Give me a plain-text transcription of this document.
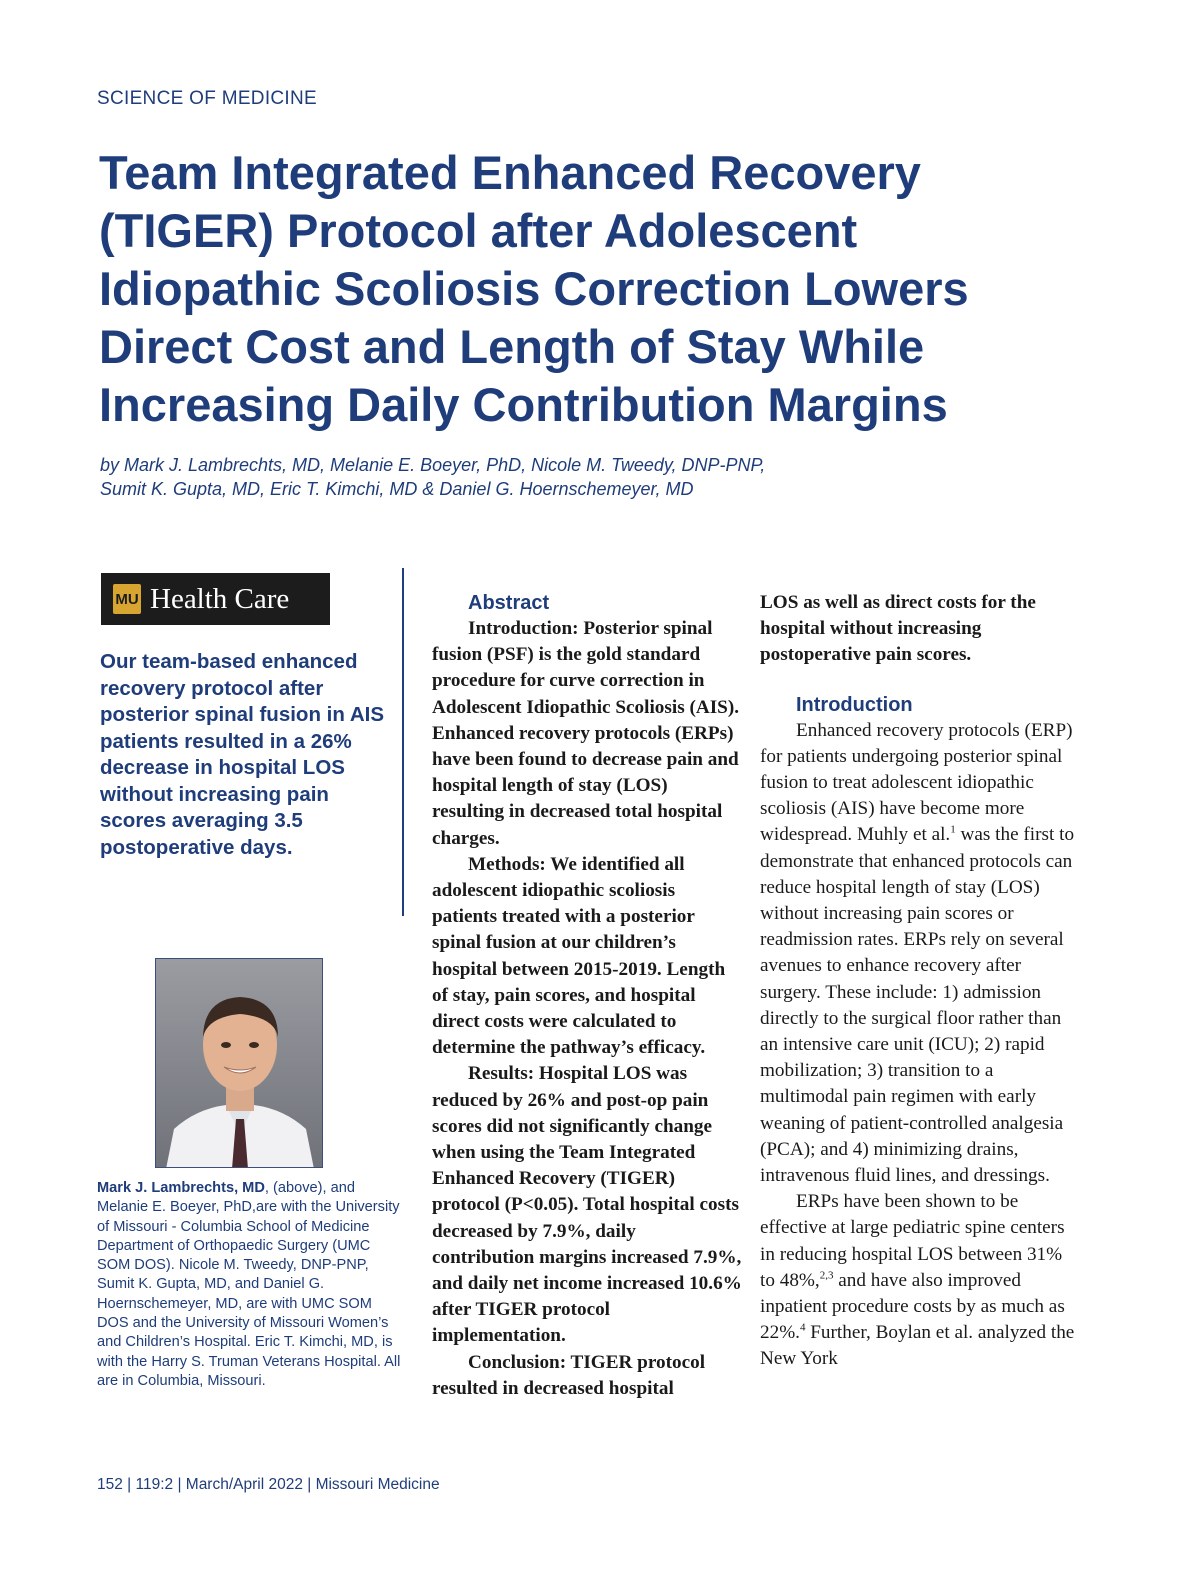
SCIENCE OF MEDICINE

Team Integrated Enhanced Recovery
(TIGER) Protocol after Adolescent
Idiopathic Scoliosis Correction Lowers
Direct Cost and Length of Stay While
Increasing Daily Contribution Margins

by Mark J. Lambrechts, MD, Melanie E. Boeyer, PhD, Nicole M. Tweedy, DNP-PNP,
Sumit K. Gupta, MD, Eric T. Kimchi, MD & Daniel G. Hoernschemeyer, MD

MU Health Care

Our team-based enhanced recovery protocol after posterior spinal fusion in AIS patients resulted in a 26% decrease in hospital LOS without increasing pain scores averaging 3.5 postoperative days.

Mark J. Lambrechts, MD, (above), and Melanie E. Boeyer, PhD,are with the University of Missouri - Columbia School of Medicine Department of Orthopaedic Surgery (UMC SOM DOS). Nicole M. Tweedy, DNP-PNP, Sumit K. Gupta, MD, and Daniel G. Hoernschemeyer, MD, are with UMC SOM DOS and the University of Missouri Women’s and Children’s Hospital. Eric T. Kimchi, MD, is with the Harry S. Truman Veterans Hospital. All are in Columbia, Missouri.

Abstract

Introduction: Posterior spinal fusion (PSF) is the gold standard procedure for curve correction in Adolescent Idiopathic Scoliosis (AIS). Enhanced recovery protocols (ERPs) have been found to decrease pain and hospital length of stay (LOS) resulting in decreased total hospital charges.

Methods: We identified all adolescent idiopathic scoliosis patients treated with a posterior spinal fusion at our children’s hospital between 2015-2019. Length of stay, pain scores, and hospital direct costs were calculated to determine the pathway’s efficacy.

Results: Hospital LOS was reduced by 26% and post-op pain scores did not significantly change when using the Team Integrated Enhanced Recovery (TIGER) protocol (P<0.05). Total hospital costs decreased by 7.9%, daily contribution margins increased 7.9%, and daily net income increased 10.6% after TIGER protocol implementation.

Conclusion: TIGER protocol resulted in decreased hospital

LOS as well as direct costs for the hospital without increasing postoperative pain scores.

Introduction

Enhanced recovery protocols (ERP) for patients undergoing posterior spinal fusion to treat adolescent idiopathic scoliosis (AIS) have become more widespread. Muhly et al.$^1$ was the first to demonstrate that enhanced protocols can reduce hospital length of stay (LOS) without increasing pain scores or readmission rates. ERPs rely on several avenues to enhance recovery after surgery. These include: 1) admission directly to the surgical floor rather than an intensive care unit (ICU); 2) rapid mobilization; 3) transition to a multimodal pain regimen with early weaning of patient-controlled analgesia (PCA); and 4) minimizing drains, intravenous fluid lines, and dressings.

ERPs have been shown to be effective at large pediatric spine centers in reducing hospital LOS between 31% to 48%,$^{2,3}$ and have also improved inpatient procedure costs by as much as 22%.$^4$ Further, Boylan et al. analyzed the New York

152 | 119:2 | March/April 2022 | Missouri Medicine
